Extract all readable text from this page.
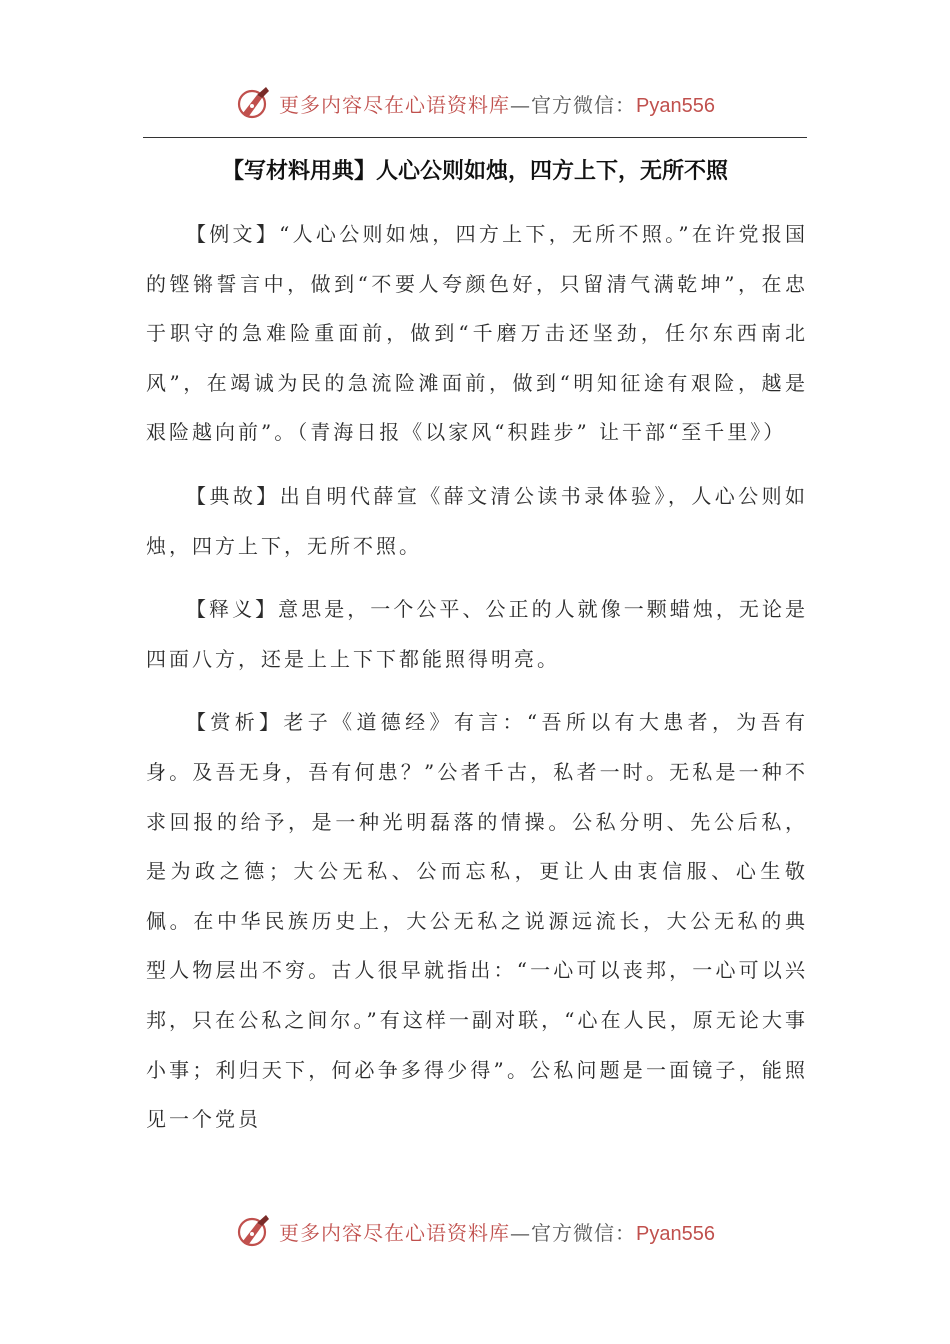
更多内容尽在心语资料库—官方微信：Pyan556
【写材料用典】人心公则如烛，四方上下，无所不照

【例文】“人心公则如烛，四方上下，无所不照。”在许党报国的铿锵誓言中，做到“不要人夸颜色好，只留清气满乾坤”，在忠于职守的急难险重面前，做到“千磨万击还坚劲，任尔东西南北风”，在竭诚为民的急流险滩面前，做到“明知征途有艰险，越是艰险越向前”。（青海日报《以家风“积跬步” 让干部“至千里》）

【典故】出自明代薛宣《薛文清公读书录体验》，人心公则如烛，四方上下，无所不照。

【释义】意思是，一个公平、公正的人就像一颗蜡烛，无论是四面八方，还是上上下下都能照得明亮。

【赏析】老子《道德经》有言：“吾所以有大患者，为吾有身。及吾无身，吾有何患？”公者千古，私者一时。无私是一种不求回报的给予，是一种光明磊落的情操。公私分明、先公后私，是为政之德；大公无私、公而忘私，更让人由衷信服、心生敬佩。在中华民族历史上，大公无私之说源远流长，大公无私的典型人物层出不穷。古人很早就指出：“一心可以丧邦，一心可以兴邦，只在公私之间尔。”有这样一副对联，“心在人民，原无论大事小事；利归天下，何必争多得少得”。公私问题是一面镜子，能照见一个党员

更多内容尽在心语资料库—官方微信：Pyan556
